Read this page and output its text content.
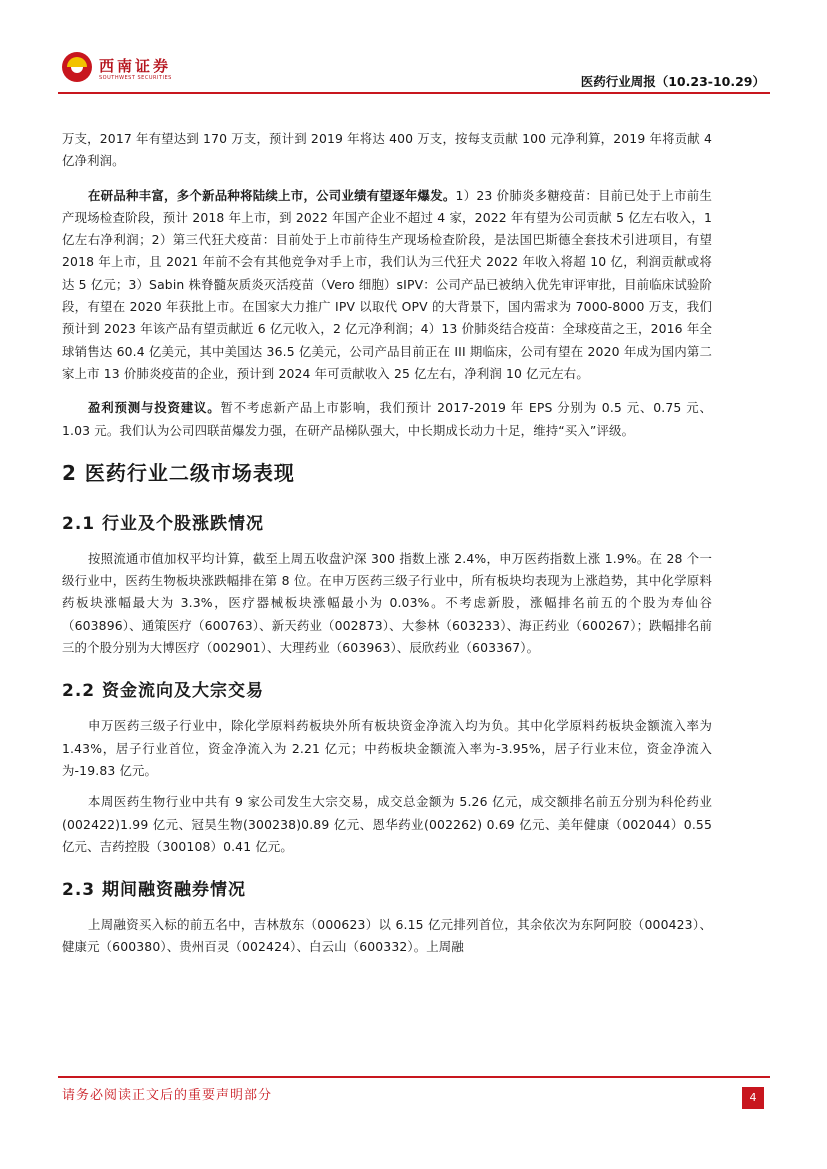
西南证券
SOUTHWEST SECURITIES	医药行业周报（10.23-10.29）

万支，2017 年有望达到 170 万支，预计到 2019 年将达 400 万支，按每支贡献 100 元净利算，2019 年将贡献 4 亿净利润。

在研品种丰富，多个新品种将陆续上市，公司业绩有望逐年爆发。1）23 价肺炎多糖疫苗：目前已处于上市前生产现场检查阶段，预计 2018 年上市，到 2022 年国产企业不超过 4 家，2022 年有望为公司贡献 5 亿左右收入，1 亿左右净利润；2）第三代狂犬疫苗：目前处于上市前待生产现场检查阶段，是法国巴斯德全套技术引进项目，有望 2018 年上市，且 2021 年前不会有其他竞争对手上市，我们认为三代狂犬 2022 年收入将超 10 亿，利润贡献或将达 5 亿元；3）Sabin 株脊髓灰质炎灭活疫苗（Vero 细胞）sIPV：公司产品已被纳入优先审评审批，目前临床试验阶段，有望在 2020 年获批上市。在国家大力推广 IPV 以取代 OPV 的大背景下，国内需求为 7000-8000 万支，我们预计到 2023 年该产品有望贡献近 6 亿元收入，2 亿元净利润；4）13 价肺炎结合疫苗：全球疫苗之王，2016 年全球销售达 60.4 亿美元，其中美国达 36.5 亿美元，公司产品目前正在 III 期临床，公司有望在 2020 年成为国内第二家上市 13 价肺炎疫苗的企业，预计到 2024 年可贡献收入 25 亿左右，净利润 10 亿元左右。

盈利预测与投资建议。暂不考虑新产品上市影响，我们预计 2017-2019 年 EPS 分别为 0.5 元、0.75 元、1.03 元。我们认为公司四联苗爆发力强，在研产品梯队强大，中长期成长动力十足，维持“买入”评级。

2 医药行业二级市场表现
2.1 行业及个股涨跌情况

按照流通市值加权平均计算，截至上周五收盘沪深 300 指数上涨 2.4%，申万医药指数上涨 1.9%。在 28 个一级行业中，医药生物板块涨跌幅排在第 8 位。在申万医药三级子行业中，所有板块均表现为上涨趋势，其中化学原料药板块涨幅最大为 3.3%，医疗器械板块涨幅最小为 0.03%。不考虑新股，涨幅排名前五的个股为寿仙谷（603896）、通策医疗（600763）、新天药业（002873）、大参林（603233）、海正药业（600267）；跌幅排名前三的个股分别为大博医疗（002901）、大理药业（603963）、辰欣药业（603367）。

2.2 资金流向及大宗交易

申万医药三级子行业中，除化学原料药板块外所有板块资金净流入均为负。其中化学原料药板块金额流入率为 1.43%，居子行业首位，资金净流入为 2.21 亿元；中药板块金额流入率为-3.95%，居子行业末位，资金净流入为-19.83 亿元。

本周医药生物行业中共有 9 家公司发生大宗交易，成交总金额为 5.26 亿元，成交额排名前五分别为科伦药业(002422)1.99 亿元、冠昊生物(300238)0.89 亿元、恩华药业(002262) 0.69 亿元、美年健康（002044）0.55 亿元、吉药控股（300108）0.41 亿元。

2.3 期间融资融券情况

上周融资买入标的前五名中，吉林敖东（000623）以 6.15 亿元排列首位，其余依次为东阿阿胶（000423）、健康元（600380）、贵州百灵（002424）、白云山（600332）。上周融

请务必阅读正文后的重要声明部分	4
